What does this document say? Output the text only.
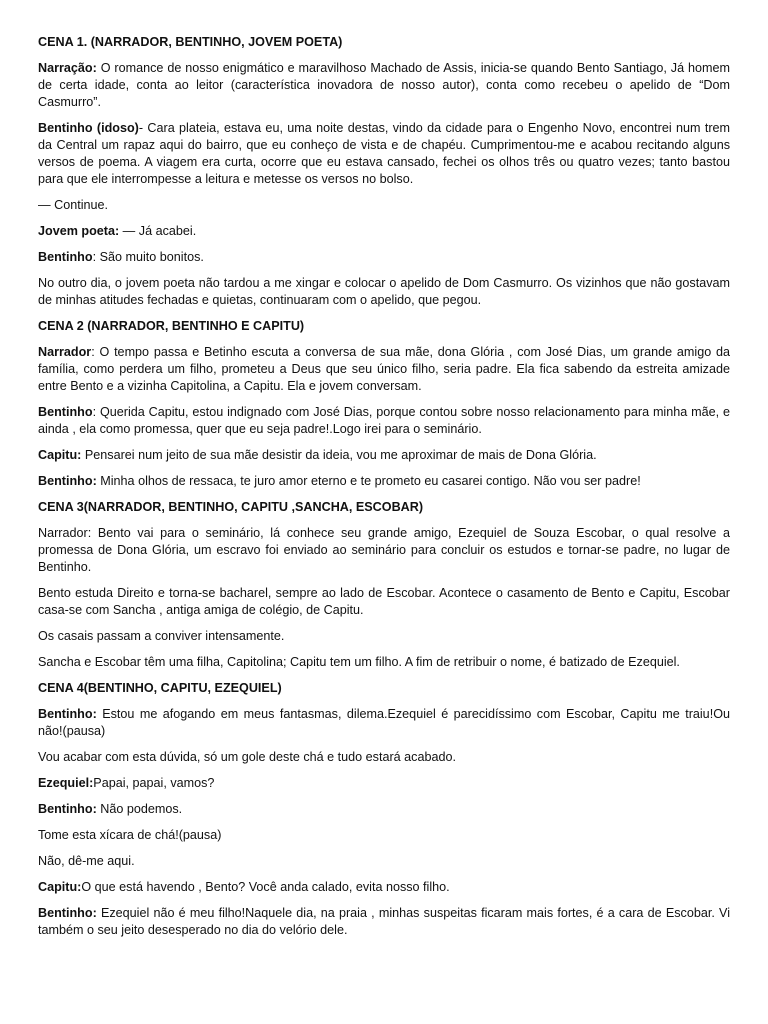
CENA 1. (NARRADOR, BENTINHO, JOVEM POETA)

Narração: O romance de nosso enigmático e maravilhoso Machado de Assis, inicia-se quando Bento Santiago, Já homem de certa idade, conta ao leitor (característica inovadora de nosso autor), conta como recebeu o apelido de “Dom Casmurro”.

Bentinho (idoso)- Cara plateia, estava eu, uma noite destas, vindo da cidade para o Engenho Novo, encontrei num trem da Central um rapaz aqui do bairro, que eu conheço de vista e de chapéu. Cumprimentou-me e acabou recitando alguns versos de poema. A viagem era curta, ocorre que eu estava cansado, fechei os olhos três ou quatro vezes; tanto bastou para que ele interrompesse a leitura e metesse os versos no bolso.

— Continue.

Jovem poeta: — Já acabei.

Bentinho: São muito bonitos.

No outro dia, o jovem poeta não tardou a me xingar e colocar o apelido de Dom Casmurro. Os vizinhos que não gostavam de minhas atitudes fechadas e quietas, continuaram com o apelido, que pegou.

CENA 2 (NARRADOR, BENTINHO E CAPITU)

Narrador: O tempo passa e Betinho escuta a conversa de sua mãe, dona Glória , com José Dias, um grande amigo da família, como perdera um filho, prometeu a Deus que seu único filho, seria padre. Ela fica sabendo da estreita amizade entre Bento e a vizinha Capitolina, a Capitu. Ela e jovem conversam.

Bentinho: Querida Capitu, estou indignado com José Dias, porque contou sobre nosso relacionamento para minha mãe, e ainda , ela como promessa, quer que eu seja padre!.Logo irei para o seminário.

Capitu: Pensarei num jeito de sua mãe desistir da ideia, vou me aproximar de mais de Dona Glória.

Bentinho: Minha olhos de ressaca, te juro amor eterno e te prometo eu casarei contigo. Não vou ser padre!

CENA 3(NARRADOR, BENTINHO, CAPITU ,SANCHA, ESCOBAR)

Narrador: Bento vai para o seminário, lá conhece seu grande amigo, Ezequiel de Souza Escobar, o qual resolve a promessa de Dona Glória, um escravo foi enviado ao seminário para concluir os estudos e tornar-se padre, no lugar de Bentinho.

Bento estuda Direito e torna-se bacharel, sempre ao lado de Escobar. Acontece o casamento de Bento e Capitu, Escobar casa-se com Sancha , antiga amiga de colégio, de Capitu.

Os casais passam a conviver intensamente.

Sancha e Escobar têm uma filha, Capitolina; Capitu tem um filho. A fim de retribuir o nome, é batizado de Ezequiel.

CENA 4(BENTINHO, CAPITU, EZEQUIEL)

Bentinho: Estou me afogando em meus fantasmas, dilema.Ezequiel é parecidíssimo com Escobar, Capitu me traiu!Ou não!(pausa)

Vou acabar com esta dúvida, só um gole deste chá e tudo estará acabado.

Ezequiel:Papai, papai, vamos?

Bentinho: Não podemos.

Tome esta xícara de chá!(pausa)

Não, dê-me aqui.

Capitu:O que está havendo , Bento? Você anda calado, evita nosso filho.

Bentinho: Ezequiel não é meu filho!Naquele dia, na praia , minhas suspeitas ficaram mais fortes, é a cara de Escobar. Vi também o seu jeito desesperado no dia do velório dele.
